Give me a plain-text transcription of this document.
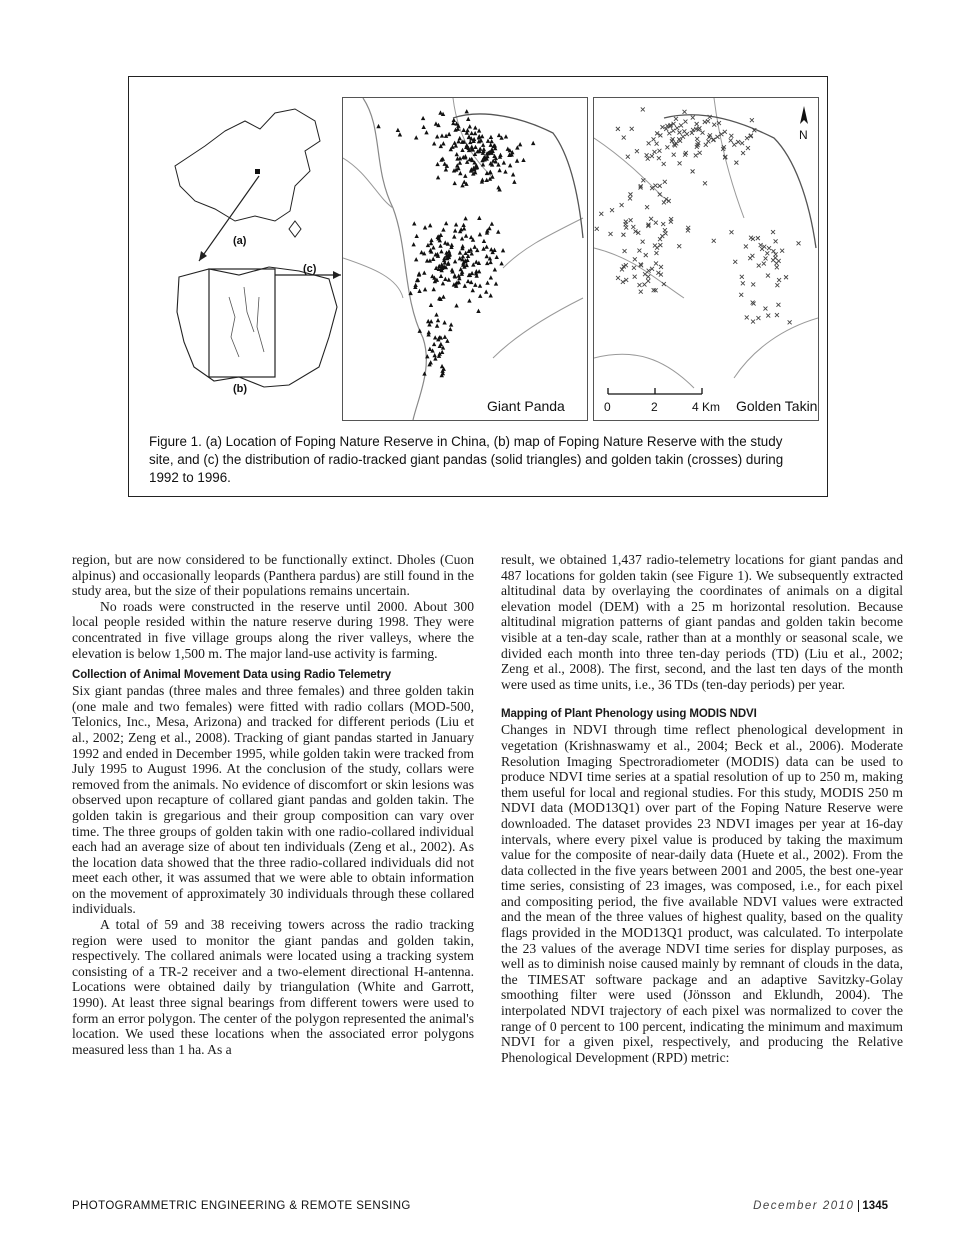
(a)
(c)
(b)
Giant Panda
N
0	2	4 Km Golden Takin
Figure 1. (a) Location of Foping Nature Reserve in China, (b) map of Foping Nature Reserve with the study site, and (c) the distribution of radio-tracked giant pandas (solid triangles) and golden takin (crosses) during 1992 to 1996.

region, but are now considered to be functionally extinct. Dholes (Cuon alpinus) and occasionally leopards (Panthera pardus) are still found in the study area, but the size of their populations remains uncertain.

No roads were constructed in the reserve until 2000. About 300 local people resided within the nature reserve during 1998. They were concentrated in five village groups along the river valleys, where the elevation is below 1,500 m. The major land-use activity is farming.

Collection of Animal Movement Data using Radio Telemetry

Six giant pandas (three males and three females) and three golden takin (one male and two females) were fitted with radio collars (MOD-500, Telonics, Inc., Mesa, Arizona) and tracked for different periods (Liu et al., 2002; Zeng et al., 2008). Tracking of giant pandas started in January 1992 and ended in December 1995, while golden takin were tracked from July 1995 to August 1996. At the conclusion of the study, collars were removed from the animals. No evidence of discomfort or skin lesions was observed upon recapture of collared giant pandas and golden takin. The golden takin is gregarious and their group composition can vary over time. The three groups of golden takin with one radio-collared individual each had an average size of about ten individuals (Zeng et al., 2002). As the location data showed that the three radio-collared individuals did not meet each other, it was assumed that we were able to obtain information on the movement of approximately 30 individuals through these collared individuals.

A total of 59 and 38 receiving towers across the radio tracking region were used to monitor the giant pandas and golden takin, respectively. The collared animals were located using a tracking system consisting of a TR-2 receiver and a two-element directional H-antenna. Locations were obtained daily by triangulation (White and Garrott, 1990). At least three signal bearings from different towers were used to form an error polygon. The center of the polygon represented the animal's location. We used these locations when the associated error polygons measured less than 1 ha. As a

result, we obtained 1,437 radio-telemetry locations for giant pandas and 487 locations for golden takin (see Figure 1). We subsequently extracted altitudinal data by overlaying the coordinates of animals on a digital elevation model (DEM) with a 25 m horizontal resolution. Because altitudinal migration patterns of giant pandas and golden takin become visible at a ten-day scale, rather than at a monthly or seasonal scale, we divided each month into three ten-day periods (TD) (Liu et al., 2002; Zeng et al., 2008). The first, second, and the last ten days of the month were used as time units, i.e., 36 TDs (ten-day periods) per year.

Mapping of Plant Phenology using MODIS NDVI

Changes in NDVI through time reflect phenological development in vegetation (Krishnaswamy et al., 2004; Beck et al., 2006). Moderate Resolution Imaging Spectroradiometer (MODIS) data can be used to produce NDVI time series at a spatial resolution of up to 250 m, making them useful for local and regional studies. For this study, MODIS 250 m NDVI data (MOD13Q1) over part of the Foping Nature Reserve were downloaded. The dataset provides 23 NDVI images per year at 16-day intervals, where every pixel value is produced by taking the maximum value for the composite of near-daily data (Huete et al., 2002). From the data collected in the five years between 2001 and 2005, the best one-year time series, consisting of 23 images, was composed, i.e., for each pixel and compositing period, the five available NDVI values were extracted and the mean of the three values of highest quality, based on the quality flags provided in the MOD13Q1 product, was calculated. To interpolate the 23 values of the average NDVI time series for display purposes, as well as to diminish noise caused mainly by remnant of clouds in the data, the TIMESAT software package and an adaptive Savitzky-Golay smoothing filter were used (Jönsson and Eklundh, 2004). The interpolated NDVI trajectory of each pixel was normalized to cover the range of 0 percent to 100 percent, indicating the minimum and maximum NDVI for a given pixel, respectively, and producing the Relative Phenological Development (RPD) metric:

PHOTOGRAMMETRIC ENGINEERING & REMOTE SENSING	December 2010 1345
